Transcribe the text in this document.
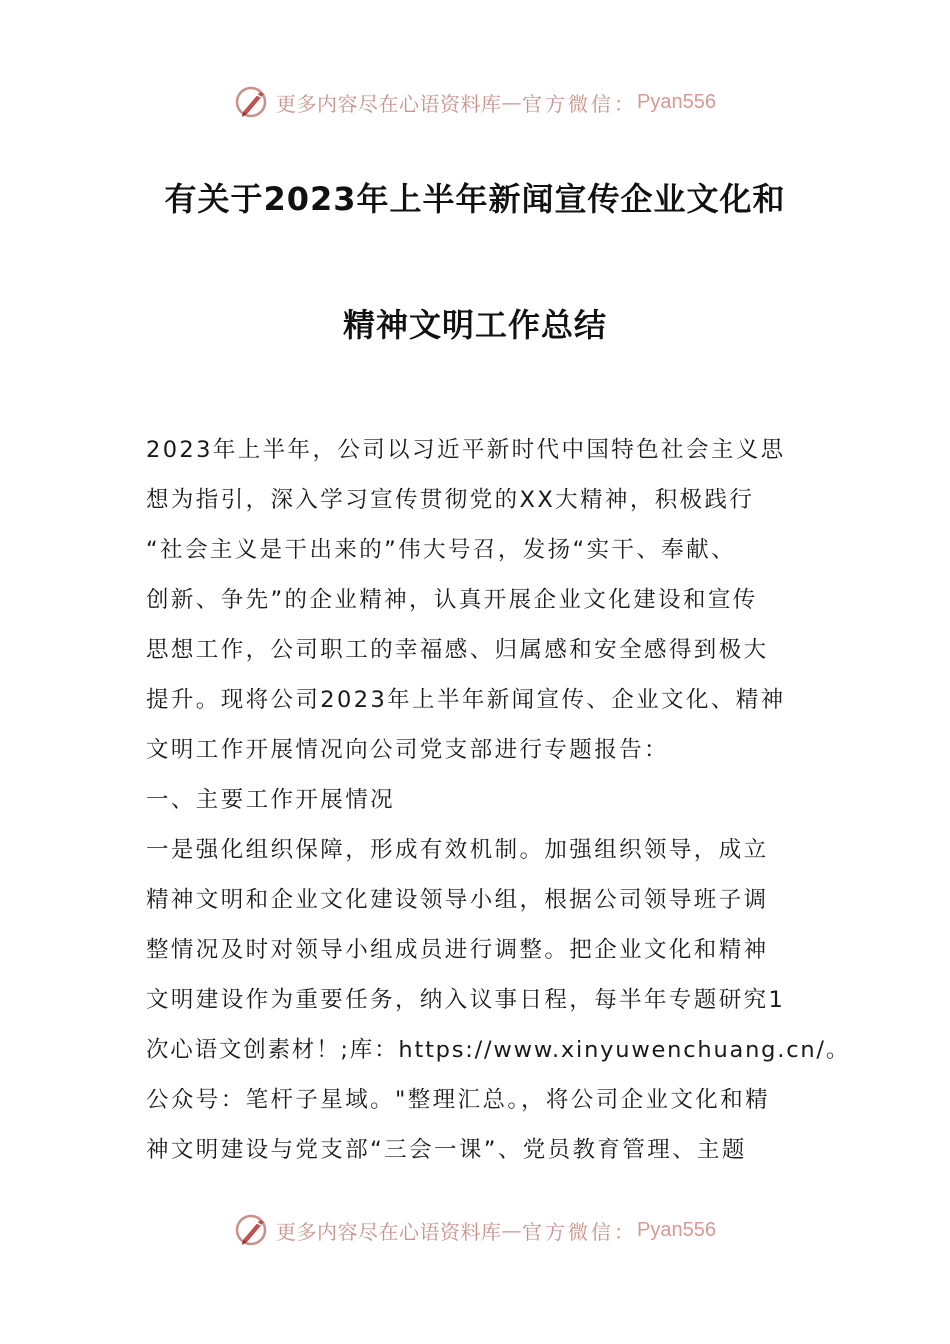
更多内容尽在心语资料库 — 官方微信： Pyan556
有关于2023年上半年新闻宣传企业文化和
精神文明工作总结
2023年上半年，公司以习近平新时代中国特色社会主义思
想为指引，深入学习宣传贯彻党的XX大精神，积极践行
“社会主义是干出来的”伟大号召，发扬“实干、奉献、
创新、争先”的企业精神，认真开展企业文化建设和宣传
思想工作，公司职工的幸福感、归属感和安全感得到极大
提升。现将公司2023年上半年新闻宣传、企业文化、精神
文明工作开展情况向公司党支部进行专题报告：
一、主要工作开展情况
一是强化组织保障，形成有效机制。加强组织领导，成立
精神文明和企业文化建设领导小组，根据公司领导班子调
整情况及时对领导小组成员进行调整。把企业文化和精神
文明建设作为重要任务，纳入议事日程，每半年专题研究1
次心语文创素材！;库：https://www.xinyuwenchuang.cn/。
公众号：笔杆子星域。"整理汇总。，将公司企业文化和精
神文明建设与党支部“三会一课”、党员教育管理、主题
更多内容尽在心语资料库 — 官方微信： Pyan556
